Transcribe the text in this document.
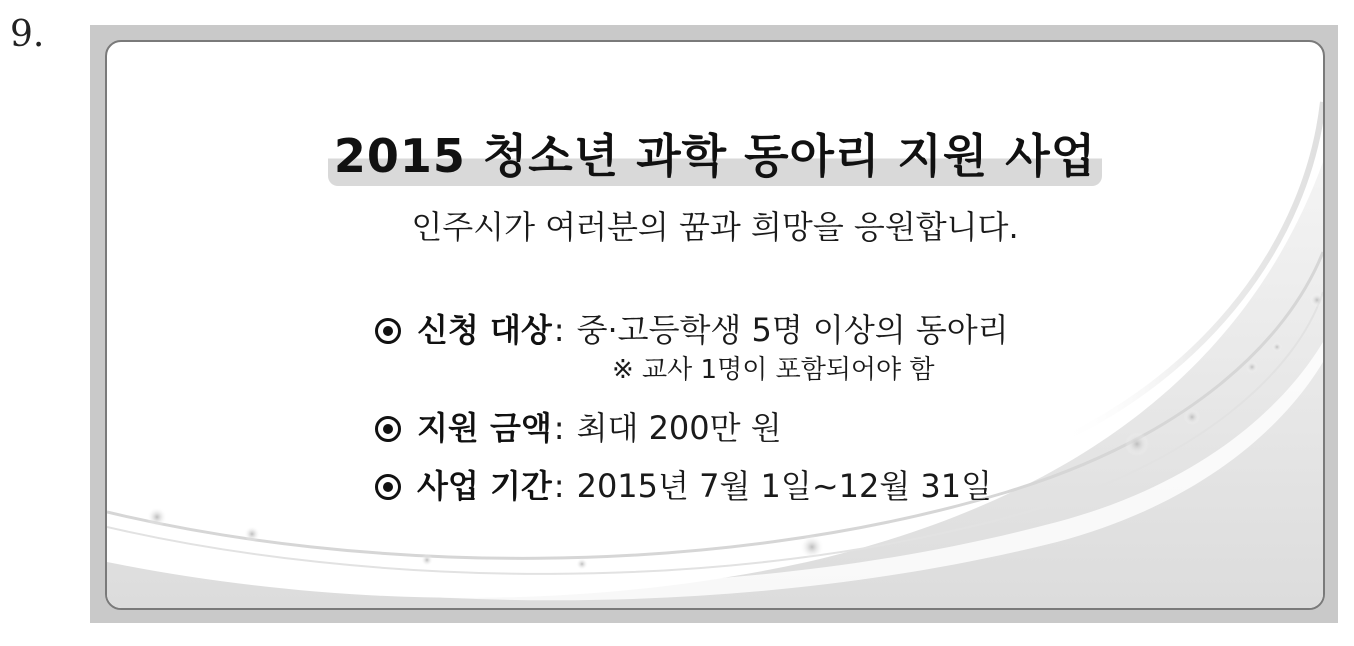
9.
2015 청소년 과학 동아리 지원 사업
인주시가 여러분의 꿈과 희망을 응원합니다.
신청 대상 : 중·고등학생 5명 이상의 동아리
※ 교사 1명이 포함되어야 함
지원 금액 : 최대 200만 원
사업 기간 : 2015년 7월 1일~12월 31일
